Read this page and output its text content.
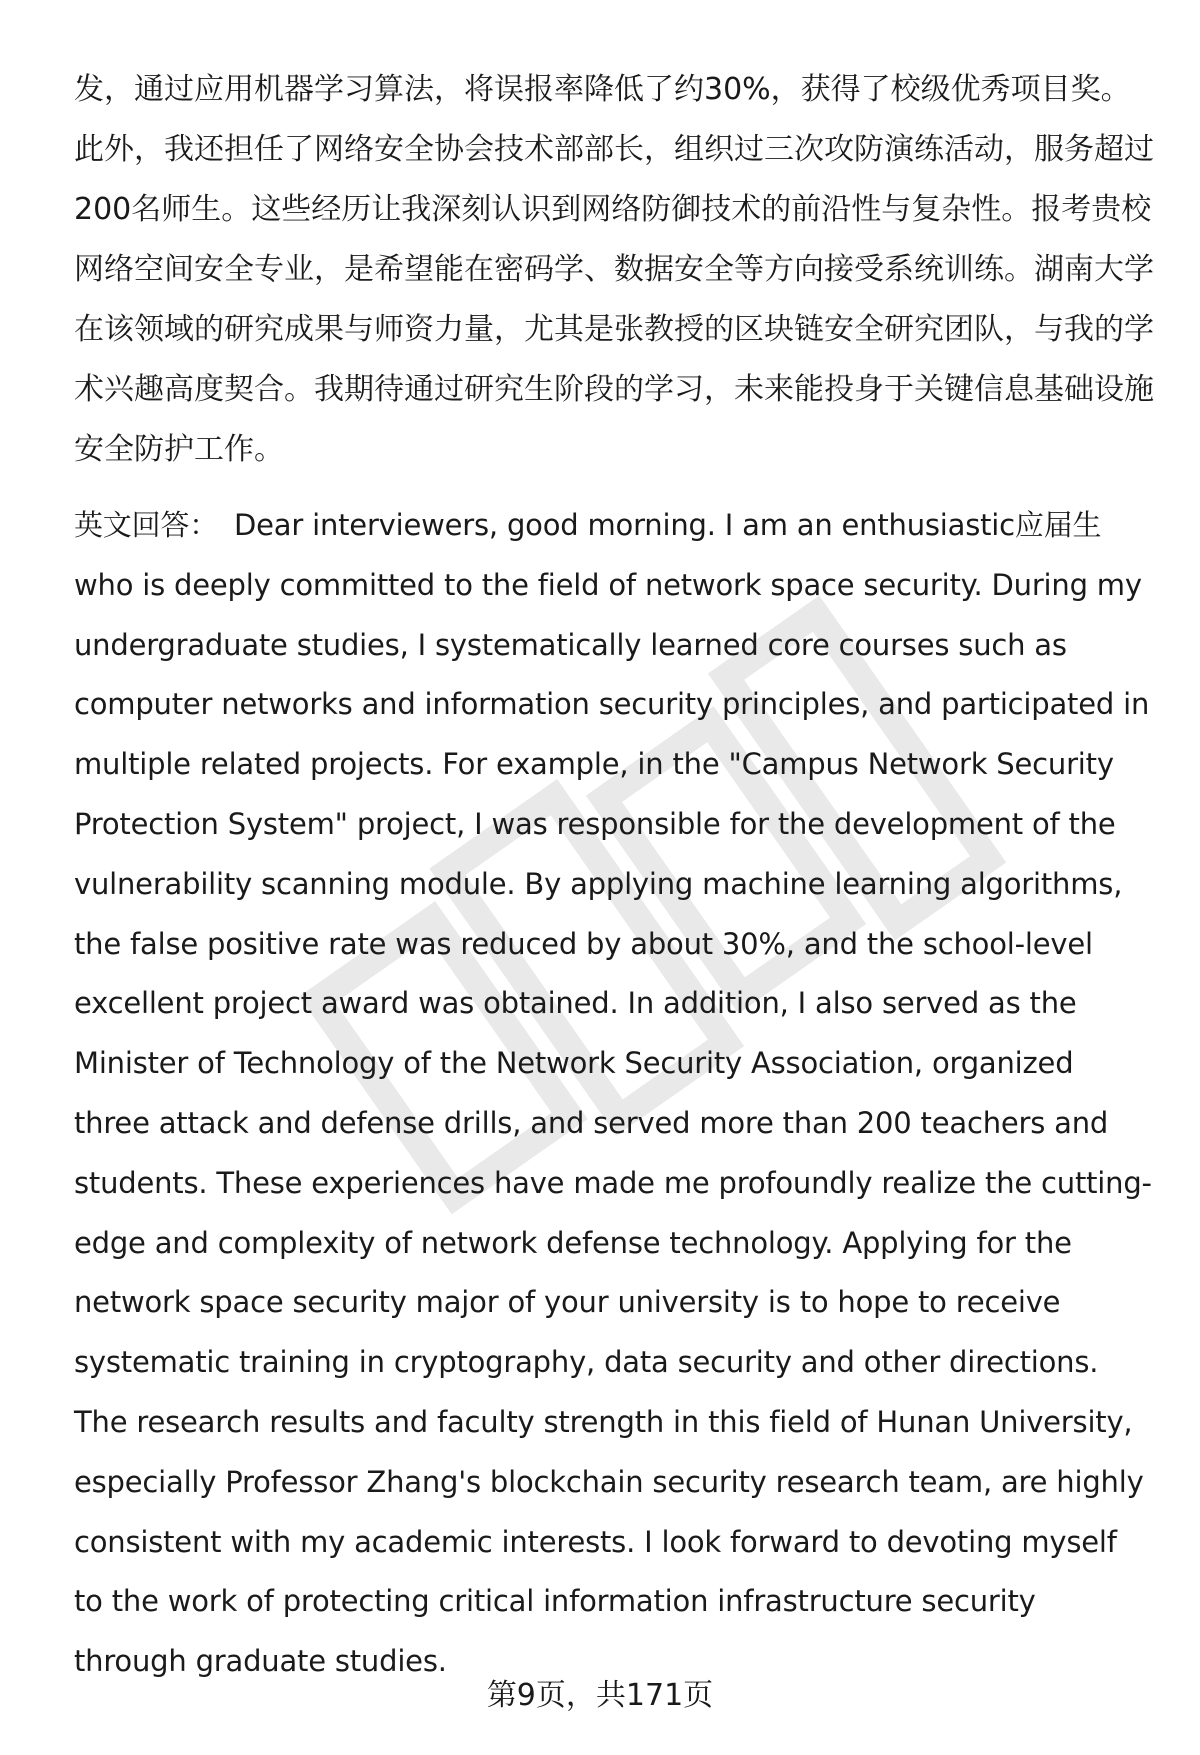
发，通过应用机器学习算法，将误报率降低了约30%，获得了校级优秀项目奖。此外，我还担任了网络安全协会技术部部长，组织过三次攻防演练活动，服务超过200名师生。这些经历让我深刻认识到网络防御技术的前沿性与复杂性。报考贵校网络空间安全专业，是希望能在密码学、数据安全等方向接受系统训练。湖南大学在该领域的研究成果与师资力量，尤其是张教授的区块链安全研究团队，与我的学术兴趣高度契合。我期待通过研究生阶段的学习，未来能投身于关键信息基础设施安全防护工作。

英文回答： Dear interviewers, good morning. I am an enthusiastic应届生 who is deeply committed to the field of network space security. During my undergraduate studies, I systematically learned core courses such as computer networks and information security principles, and participated in multiple related projects. For example, in the "Campus Network Security Protection System" project, I was responsible for the development of the vulnerability scanning module. By applying machine learning algorithms, the false positive rate was reduced by about 30%, and the school-level excellent project award was obtained. In addition, I also served as the Minister of Technology of the Network Security Association, organized three attack and defense drills, and served more than 200 teachers and students. These experiences have made me profoundly realize the cutting-edge and complexity of network defense technology. Applying for the network space security major of your university is to hope to receive systematic training in cryptography, data security and other directions. The research results and faculty strength in this field of Hunan University, especially Professor Zhang's blockchain security research team, are highly consistent with my academic interests. I look forward to devoting myself to the work of protecting critical information infrastructure security through graduate studies.

第9页，共171页
